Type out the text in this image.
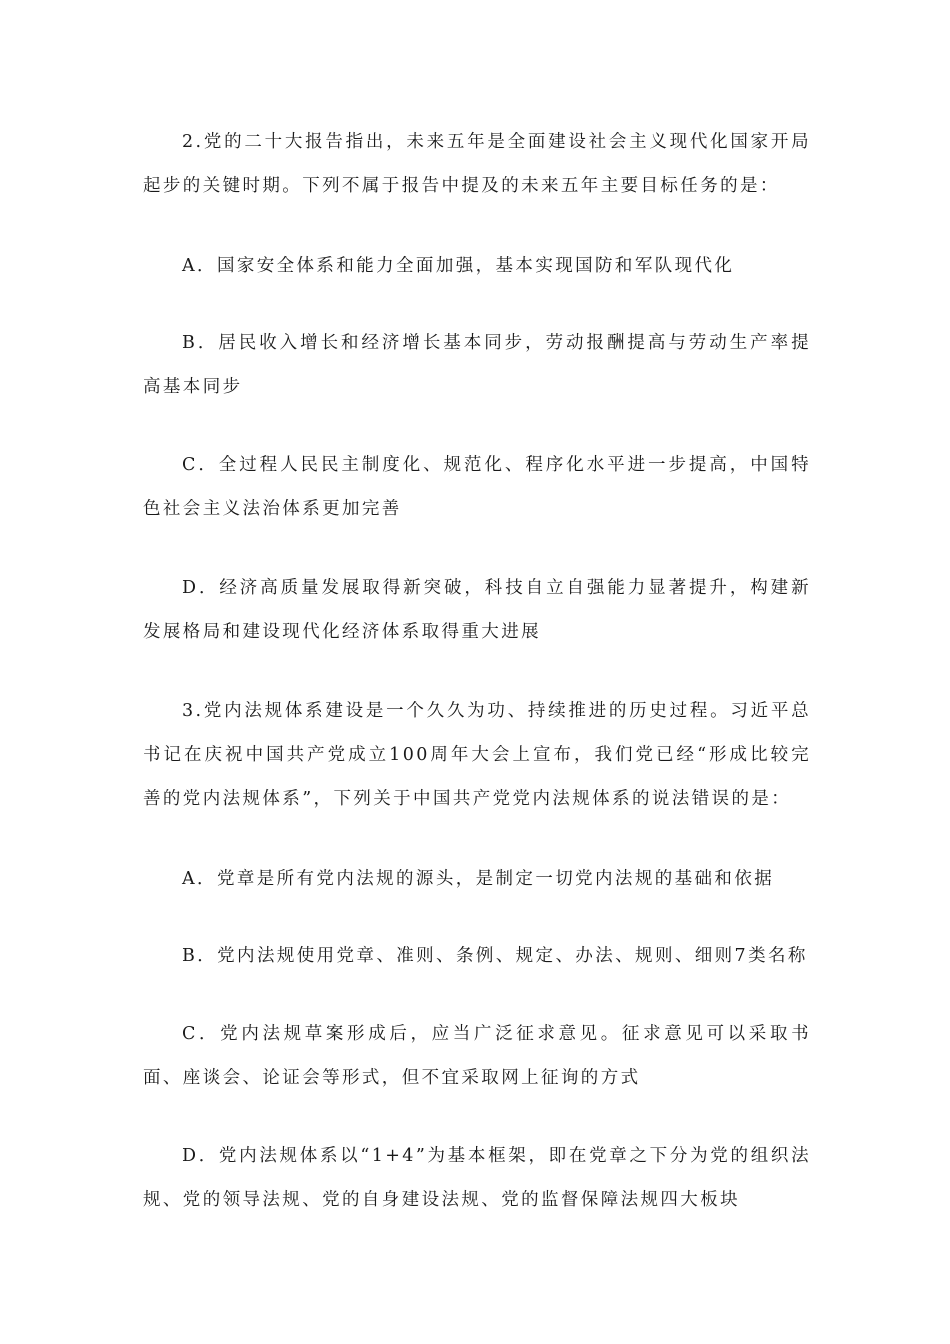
2.党的二十大报告指出，未来五年是全面建设社会主义现代化国家开局起步的关键时期。下列不属于报告中提及的未来五年主要目标任务的是：

A．国家安全体系和能力全面加强，基本实现国防和军队现代化

B．居民收入增长和经济增长基本同步，劳动报酬提高与劳动生产率提高基本同步

C．全过程人民民主制度化、规范化、程序化水平进一步提高，中国特色社会主义法治体系更加完善

D．经济高质量发展取得新突破，科技自立自强能力显著提升，构建新发展格局和建设现代化经济体系取得重大进展

3.党内法规体系建设是一个久久为功、持续推进的历史过程。习近平总书记在庆祝中国共产党成立100周年大会上宣布，我们党已经“形成比较完善的党内法规体系”，下列关于中国共产党党内法规体系的说法错误的是：

A．党章是所有党内法规的源头，是制定一切党内法规的基础和依据

B．党内法规使用党章、准则、条例、规定、办法、规则、细则7类名称

C．党内法规草案形成后，应当广泛征求意见。征求意见可以采取书面、座谈会、论证会等形式，但不宜采取网上征询的方式

D．党内法规体系以“1+4”为基本框架，即在党章之下分为党的组织法规、党的领导法规、党的自身建设法规、党的监督保障法规四大板块
